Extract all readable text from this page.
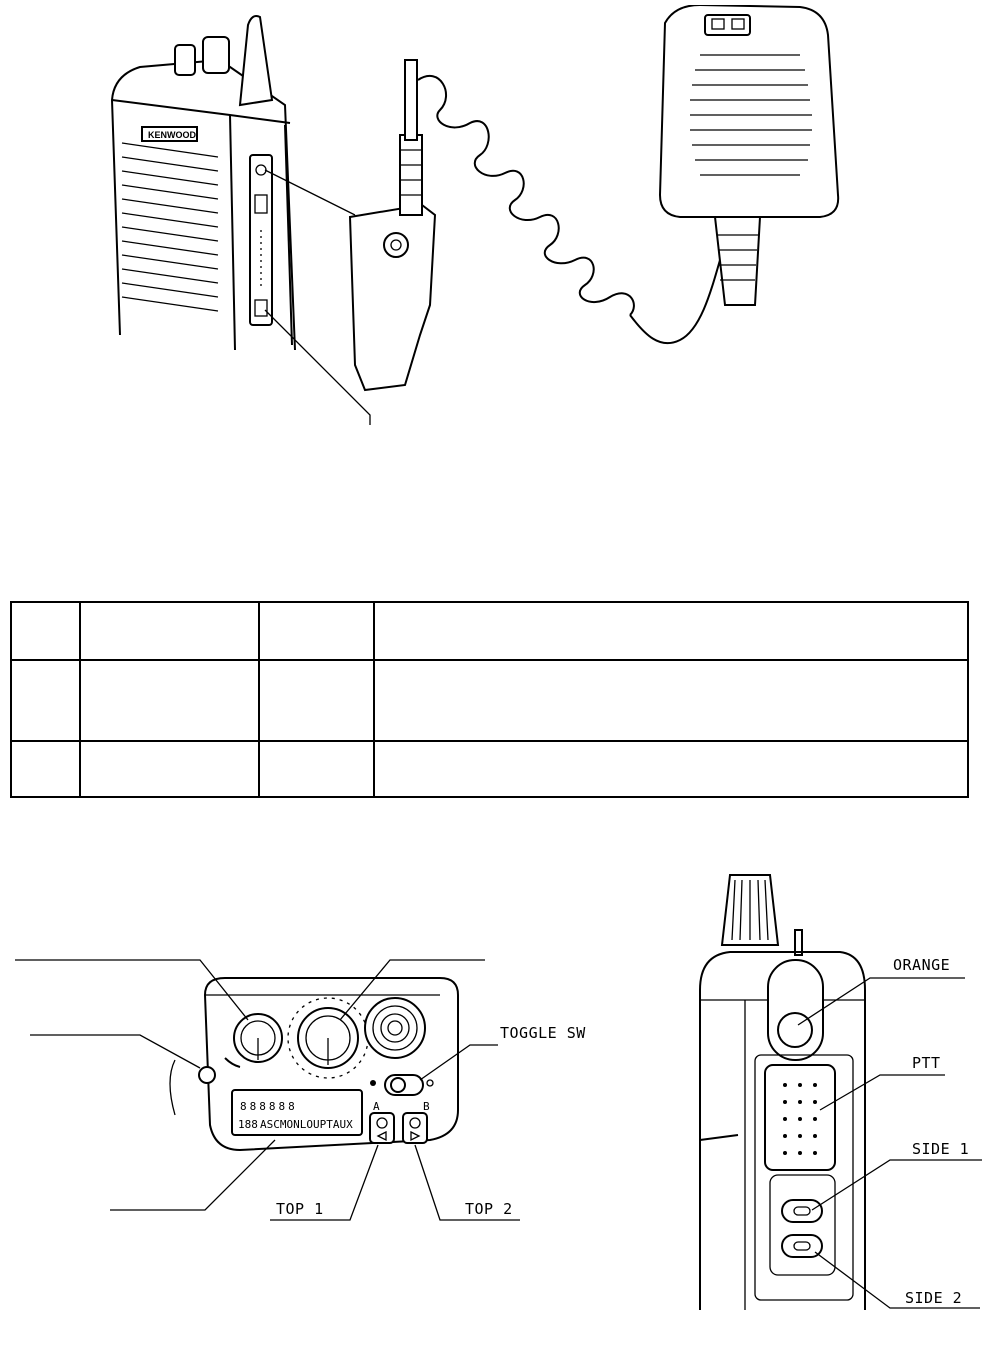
KENWOOD

888888
188 ASCMONLOUPTAUX
A	B
TOGGLE SW
TOP 1	TOP 2
ORANGE
PTT
SIDE 1
SIDE 2
